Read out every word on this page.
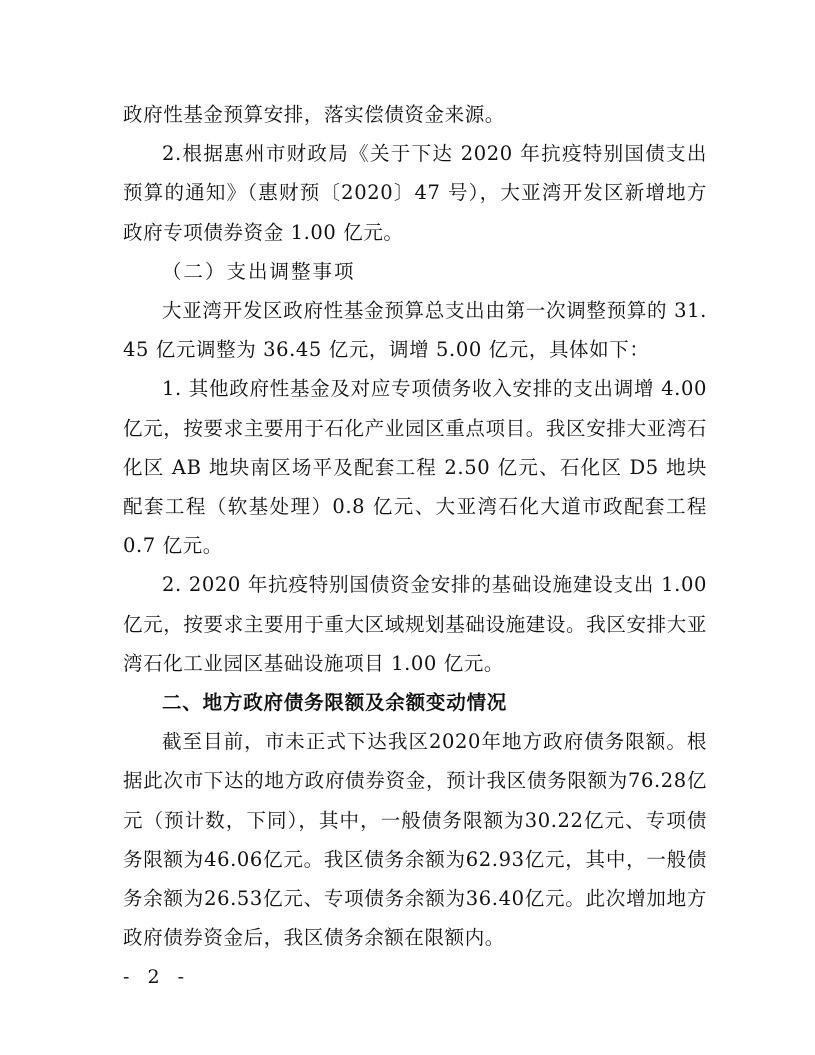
政府性基金预算安排，落实偿债资金来源。

2.根据惠州市财政局《关于下达 2020 年抗疫特别国债支出预算的通知》（惠财预〔2020〕47 号），大亚湾开发区新增地方政府专项债券资金 1.00 亿元。

（二）支出调整事项

大亚湾开发区政府性基金预算总支出由第一次调整预算的 31.45 亿元调整为 36.45 亿元，调增 5.00 亿元，具体如下：

1. 其他政府性基金及对应专项债务收入安排的支出调增 4.00 亿元，按要求主要用于石化产业园区重点项目。我区安排大亚湾石化区 AB 地块南区场平及配套工程 2.50 亿元、石化区 D5 地块配套工程（软基处理）0.8 亿元、大亚湾石化大道市政配套工程 0.7 亿元。

2. 2020 年抗疫特别国债资金安排的基础设施建设支出 1.00 亿元，按要求主要用于重大区域规划基础设施建设。我区安排大亚湾石化工业园区基础设施项目 1.00 亿元。

二、地方政府债务限额及余额变动情况

截至目前，市未正式下达我区2020年地方政府债务限额。根据此次市下达的地方政府债券资金，预计我区债务限额为76.28亿元（预计数，下同），其中，一般债务限额为30.22亿元、专项债务限额为46.06亿元。我区债务余额为62.93亿元，其中，一般债务余额为26.53亿元、专项债务余额为36.40亿元。此次增加地方政府债券资金后，我区债务余额在限额内。

- 2 -
